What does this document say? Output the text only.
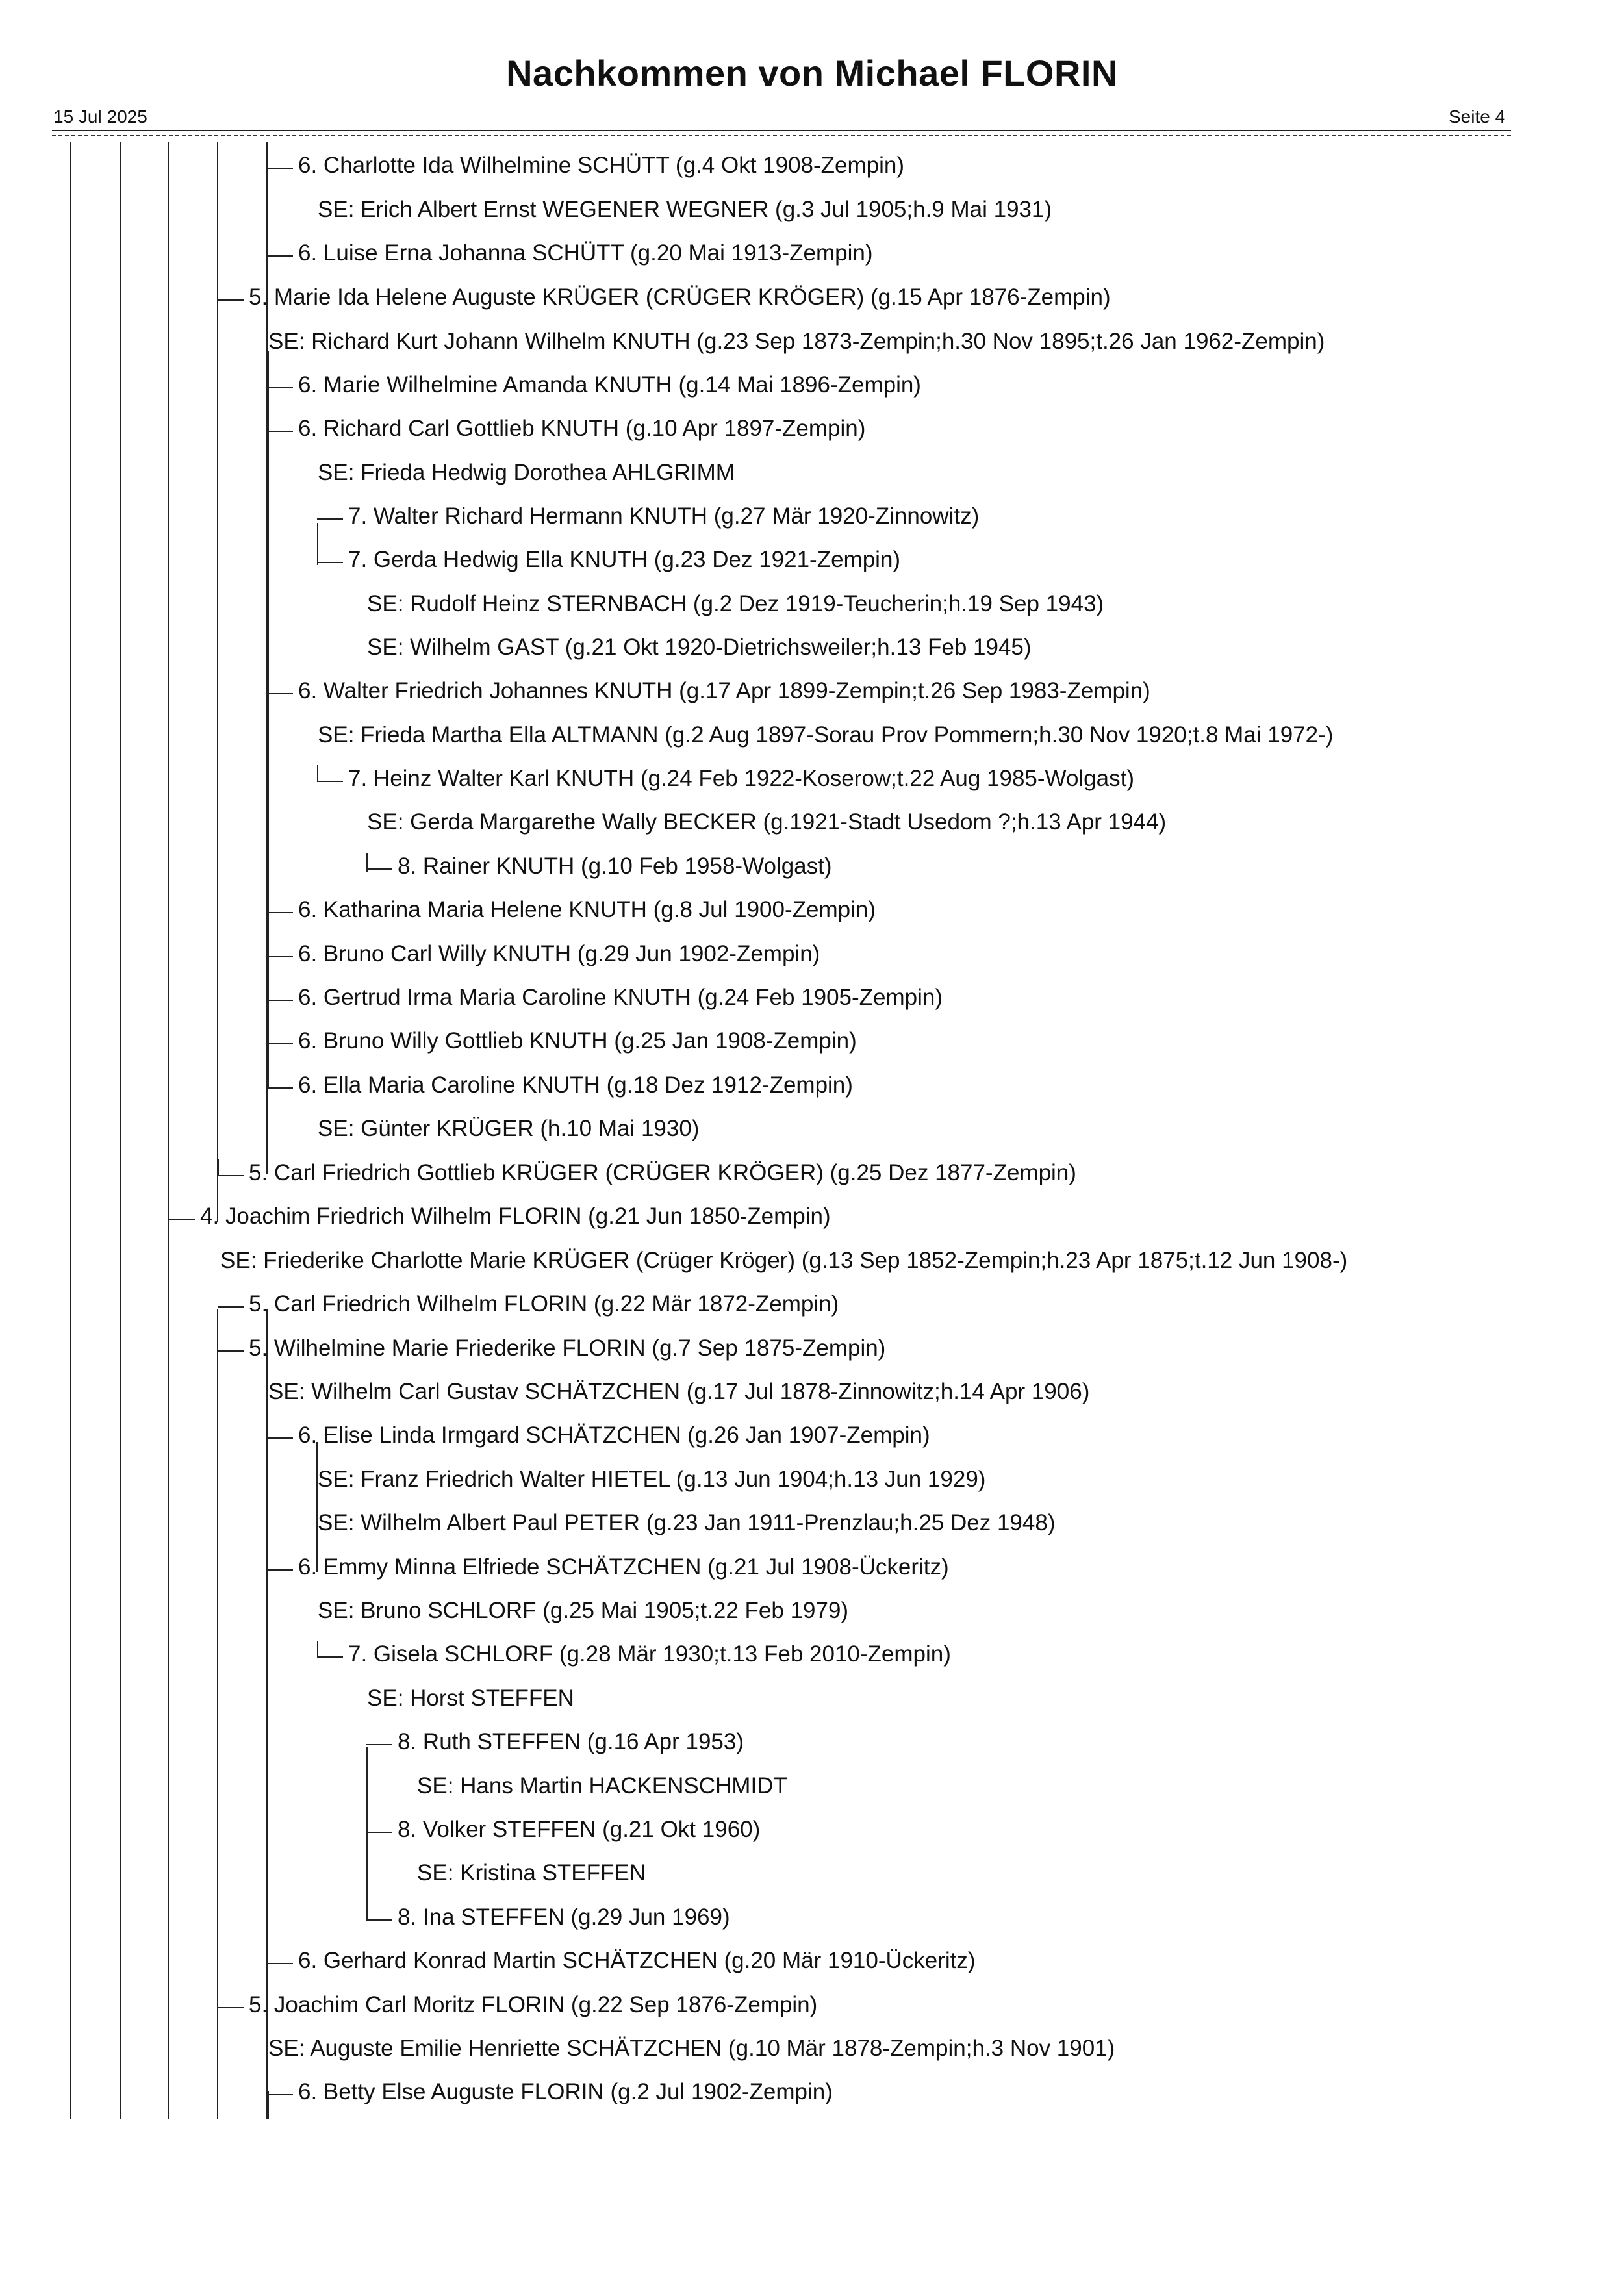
Nachkommen von Michael FLORIN
15 Jul 2025	Seite 4
6. Charlotte Ida Wilhelmine SCHÜTT (g.4 Okt 1908-Zempin)
SE: Erich Albert Ernst WEGENER WEGNER (g.3 Jul 1905;h.9 Mai 1931)
6. Luise Erna Johanna SCHÜTT (g.20 Mai 1913-Zempin)
5. Marie Ida Helene Auguste KRÜGER (CRÜGER KRÖGER) (g.15 Apr 1876-Zempin)
SE: Richard Kurt Johann Wilhelm KNUTH (g.23 Sep 1873-Zempin;h.30 Nov 1895;t.26 Jan 1962-Zempin)
6. Marie Wilhelmine Amanda KNUTH (g.14 Mai 1896-Zempin)
6. Richard Carl Gottlieb KNUTH (g.10 Apr 1897-Zempin)
SE: Frieda Hedwig Dorothea AHLGRIMM
7. Walter Richard Hermann KNUTH (g.27 Mär 1920-Zinnowitz)
7. Gerda Hedwig Ella KNUTH (g.23 Dez 1921-Zempin)
SE: Rudolf Heinz STERNBACH (g.2 Dez 1919-Teucherin;h.19 Sep 1943)
SE: Wilhelm GAST (g.21 Okt 1920-Dietrichsweiler;h.13 Feb 1945)
6. Walter Friedrich Johannes KNUTH (g.17 Apr 1899-Zempin;t.26 Sep 1983-Zempin)
SE: Frieda Martha Ella ALTMANN (g.2 Aug 1897-Sorau Prov Pommern;h.30 Nov 1920;t.8 Mai 1972-)
7. Heinz Walter Karl KNUTH (g.24 Feb 1922-Koserow;t.22 Aug 1985-Wolgast)
SE: Gerda Margarethe Wally BECKER (g.1921-Stadt Usedom ?;h.13 Apr 1944)
8. Rainer KNUTH (g.10 Feb 1958-Wolgast)
6. Katharina Maria Helene KNUTH (g.8 Jul 1900-Zempin)
6. Bruno Carl Willy KNUTH (g.29 Jun 1902-Zempin)
6. Gertrud Irma Maria Caroline KNUTH (g.24 Feb 1905-Zempin)
6. Bruno Willy Gottlieb KNUTH (g.25 Jan 1908-Zempin)
6. Ella Maria Caroline KNUTH (g.18 Dez 1912-Zempin)
SE: Günter KRÜGER (h.10 Mai 1930)
5. Carl Friedrich Gottlieb KRÜGER (CRÜGER KRÖGER) (g.25 Dez 1877-Zempin)
4. Joachim Friedrich Wilhelm FLORIN (g.21 Jun 1850-Zempin)
SE: Friederike Charlotte Marie KRÜGER (Crüger Kröger) (g.13 Sep 1852-Zempin;h.23 Apr 1875;t.12 Jun 1908-)
5. Carl Friedrich Wilhelm FLORIN (g.22 Mär 1872-Zempin)
5. Wilhelmine Marie Friederike FLORIN (g.7 Sep 1875-Zempin)
SE: Wilhelm Carl Gustav SCHÄTZCHEN (g.17 Jul 1878-Zinnowitz;h.14 Apr 1906)
6. Elise Linda Irmgard SCHÄTZCHEN (g.26 Jan 1907-Zempin)
SE: Franz Friedrich Walter HIETEL (g.13 Jun 1904;h.13 Jun 1929)
SE: Wilhelm Albert Paul PETER (g.23 Jan 1911-Prenzlau;h.25 Dez 1948)
6. Emmy Minna Elfriede SCHÄTZCHEN (g.21 Jul 1908-Ückeritz)
SE: Bruno SCHLORF (g.25 Mai 1905;t.22 Feb 1979)
7. Gisela SCHLORF (g.28 Mär 1930;t.13 Feb 2010-Zempin)
SE: Horst STEFFEN
8. Ruth STEFFEN (g.16 Apr 1953)
SE: Hans Martin HACKENSCHMIDT
8. Volker STEFFEN (g.21 Okt 1960)
SE: Kristina STEFFEN
8. Ina STEFFEN (g.29 Jun 1969)
6. Gerhard Konrad Martin SCHÄTZCHEN (g.20 Mär 1910-Ückeritz)
5. Joachim Carl Moritz FLORIN (g.22 Sep 1876-Zempin)
SE: Auguste Emilie Henriette SCHÄTZCHEN (g.10 Mär 1878-Zempin;h.3 Nov 1901)
6. Betty Else Auguste FLORIN (g.2 Jul 1902-Zempin)
